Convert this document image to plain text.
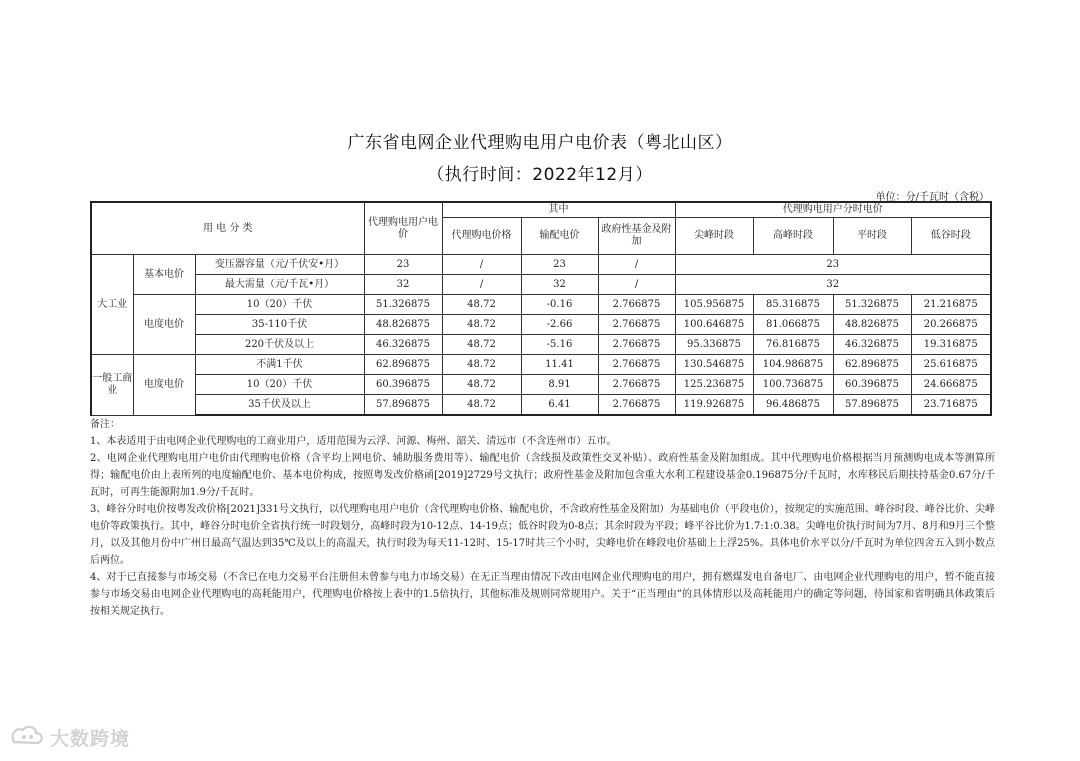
广东省电网企业代理购电用户电价表（粤北山区）
（执行时间：2022年12月）
单位：分/千瓦时（含税）
用 电 分 类			代理购电用户电价	其中			代理购电用户分时电价			
				代理购电价格	输配电价	政府性基金及附加	尖峰时段	高峰时段	平时段	低谷时段
大工业	基本电价	变压器容量（元/千伏安•月）	23	/	23	/	23			
		最大需量（元/千瓦•月）	32	/	32	/	32			
	电度电价	10（20）千伏	51.326875	48.72	-0.16	2.766875	105.956875	85.316875	51.326875	21.216875
		35-110千伏	48.826875	48.72	-2.66	2.766875	100.646875	81.066875	48.826875	20.266875
		220千伏及以上	46.326875	48.72	-5.16	2.766875	95.336875	76.816875	46.326875	19.316875
一般工商业	电度电价	不满1千伏	62.896875	48.72	11.41	2.766875	130.546875	104.986875	62.896875	25.616875
		10（20）千伏	60.396875	48.72	8.91	2.766875	125.236875	100.736875	60.396875	24.666875
		35千伏及以上	57.896875	48.72	6.41	2.766875	119.926875	96.486875	57.896875	23.716875

备注：

1、本表适用于由电网企业代理购电的工商业用户，适用范围为云浮、河源、梅州、韶关、清远市（不含连州市）五市。

2、电网企业代理购电用户电价由代理购电价格（含平均上网电价、辅助服务费用等）、输配电价（含线损及政策性交叉补贴）、政府性基金及附加组成。其中代理购电价格根据当月预测购电成本等测算所得；输配电价由上表所列的电度输配电价、基本电价构成，按照粤发改价格函[2019]2729号文执行；政府性基金及附加包含重大水利工程建设基金0.196875分/千瓦时，水库移民后期扶持基金0.67分/千瓦时，可再生能源附加1.9分/千瓦时。

3、峰谷分时电价按粤发改价格[2021]331号文执行，以代理购电用户电价（含代理购电价格、输配电价，不含政府性基金及附加）为基础电价（平段电价），按规定的实施范围、峰谷时段、峰谷比价、尖峰电价等政策执行。其中，峰谷分时电价全省执行统一时段划分，高峰时段为10-12点、14-19点；低谷时段为0-8点；其余时段为平段；峰平谷比价为1.7:1:0.38。尖峰电价执行时间为7月、8月和9月三个整月，以及其他月份中广州日最高气温达到35℃及以上的高温天，执行时段为每天11-12时、15-17时共三个小时，尖峰电价在峰段电价基础上上浮25%。具体电价水平以分/千瓦时为单位四舍五入到小数点后两位。

4、对于已直接参与市场交易（不含已在电力交易平台注册但未曾参与电力市场交易）在无正当理由情况下改由电网企业代理购电的用户，拥有燃煤发电自备电厂、由电网企业代理购电的用户，暂不能直接参与市场交易由电网企业代理购电的高耗能用户，代理购电价格按上表中的1.5倍执行，其他标准及规则同常规用户。关于“正当理由”的具体情形以及高耗能用户的确定等问题，待国家和省明确具体政策后按相关规定执行。

大数跨境
